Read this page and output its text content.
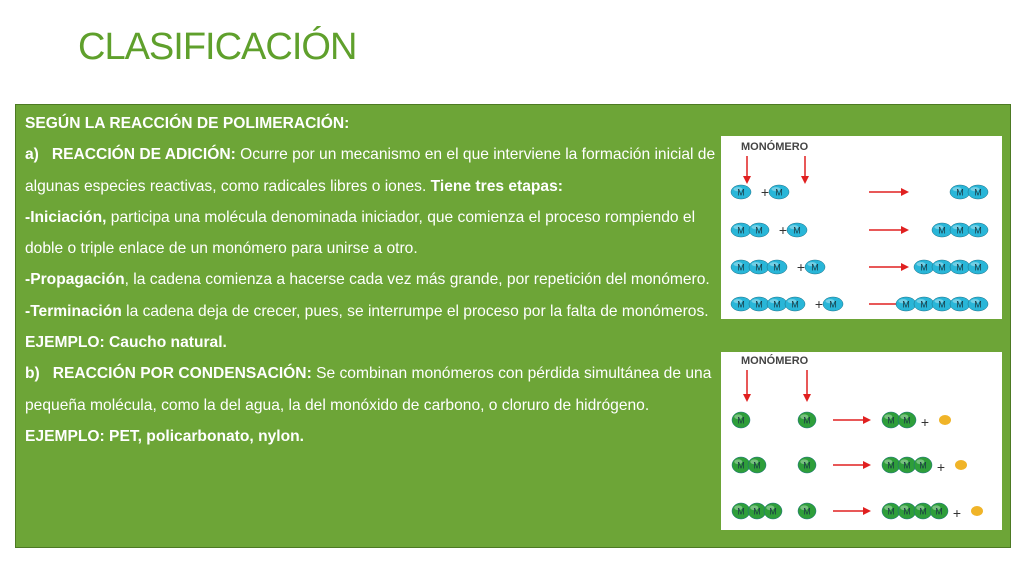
CLASIFICACIÓN

SEGÚN LA REACCIÓN DE POLIMERACIÓN:

a)   REACCIÓN DE ADICIÓN: Ocurre por un mecanismo en el que interviene la formación inicial de algunas especies reactivas, como radicales libres o iones. Tiene tres etapas:

-Iniciación, participa una molécula denominada iniciador, que comienza el proceso rompiendo el doble o triple enlace de un monómero para unirse a otro.

-Propagación, la cadena comienza a hacerse cada vez más grande, por repetición del monómero.

-Terminación la cadena deja de crecer, pues, se interrumpe el proceso por la falta de monómeros.

EJEMPLO: Caucho natural.

b)   REACCIÓN POR CONDENSACIÓN: Se combinan monómeros con pérdida simultánea de una pequeña molécula, como la del agua, la del monóxido de carbono, o cloruro de hidrógeno. EJEMPLO: PET, policarbonato, nylon.

MONÓMERO
M + M	M M
M M + M	M M M
M M M + M	M M M M
M M M M + M	M M M M M
MONÓMERO
M	M	M M +
M M	M	M M M +
M M M	M	M M M M +
